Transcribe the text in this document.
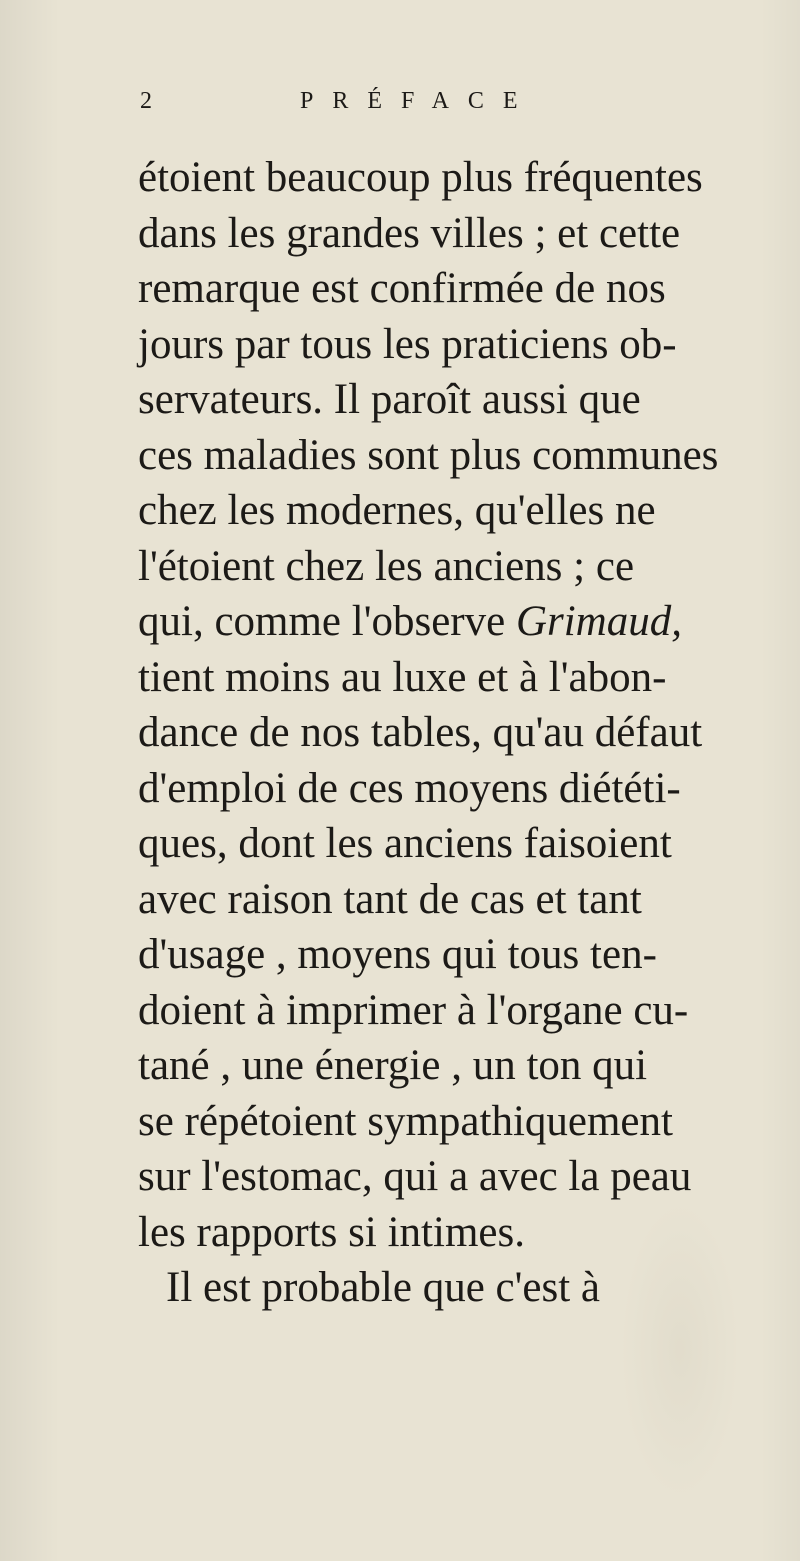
2	PRÉFACE
étoient beaucoup plus fréquentes
dans les grandes villes ; et cette
remarque est confirmée de nos
jours par tous les praticiens ob-
servateurs. Il paroît aussi que
ces maladies sont plus communes
chez les modernes, qu'elles ne
l'étoient chez les anciens ; ce
qui, comme l'observe Grimaud,
tient moins au luxe et à l'abon-
dance de nos tables, qu'au défaut
d'emploi de ces moyens diététi-
ques, dont les anciens faisoient
avec raison tant de cas et tant
d'usage , moyens qui tous ten-
doient à imprimer à l'organe cu-
tané , une énergie , un ton qui
se répétoient sympathiquement
sur l'estomac, qui a avec la peau
les rapports si intimes.
Il est probable que c'est à
